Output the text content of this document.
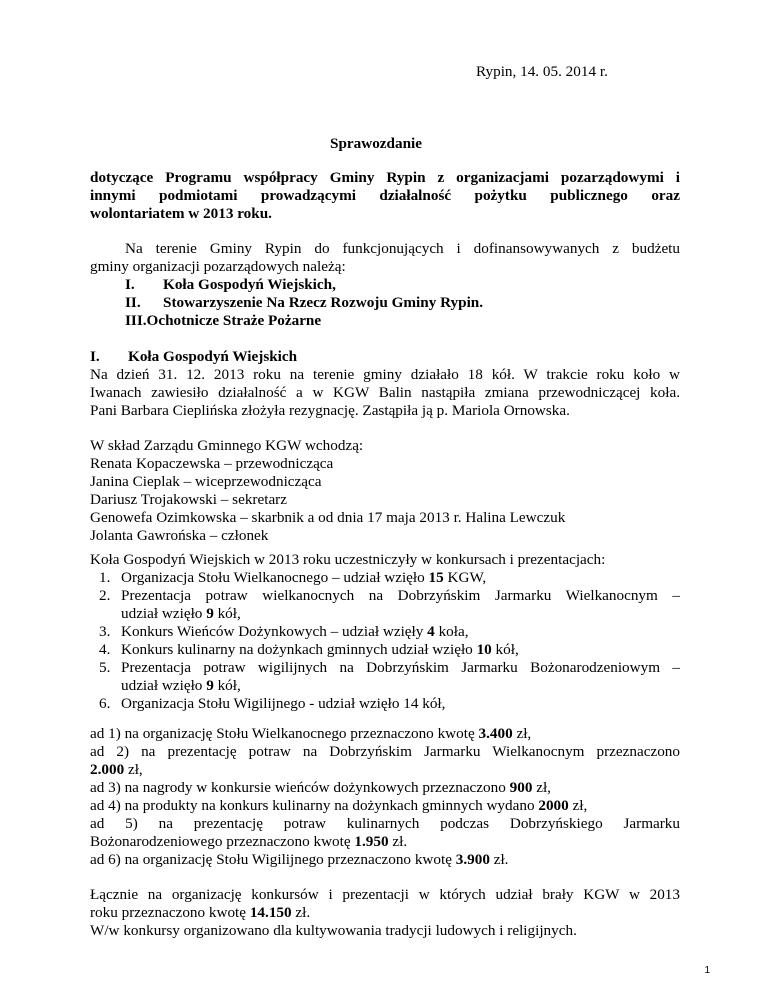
Rypin, 14. 05. 2014 r.
Sprawozdanie
dotyczące Programu współpracy Gminy Rypin z organizacjami pozarządowymi i
innymi podmiotami prowadzącymi działalność pożytku publicznego oraz
wolontariatem w 2013 roku.
Na terenie Gminy Rypin do funkcjonujących i dofinansowywanych z budżetu
gminy organizacji pozarządowych należą:
I. Koła Gospodyń Wiejskich,
II. Stowarzyszenie Na Rzecz Rozwoju Gminy Rypin.
III.Ochotnicze Straże Pożarne
I. Koła Gospodyń Wiejskich
Na dzień 31. 12. 2013 roku na terenie gminy działało 18 kół. W trakcie roku koło w
Iwanach zawiesiło działalność a w KGW Balin nastąpiła zmiana przewodniczącej koła.
Pani Barbara Cieplińska złożyła rezygnację. Zastąpiła ją p. Mariola Ornowska.
W skład Zarządu Gminnego KGW wchodzą:
Renata Kopaczewska – przewodnicząca
Janina Cieplak – wiceprzewodnicząca
Dariusz Trojakowski – sekretarz
Genowefa Ozimkowska – skarbnik a od dnia 17 maja 2013 r. Halina Lewczuk
Jolanta Gawrońska – członek
Koła Gospodyń Wiejskich w 2013 roku uczestniczyły w konkursach i prezentacjach:
1. Organizacja Stołu Wielkanocnego – udział wzięło 15 KGW,
2. Prezentacja potraw wielkanocnych na Dobrzyńskim Jarmarku Wielkanocnym –
udział wzięło 9 kół,
3. Konkurs Wieńców Dożynkowych – udział wzięły 4 koła,
4. Konkurs kulinarny na dożynkach gminnych udział wzięło 10 kół,
5. Prezentacja potraw wigilijnych na Dobrzyńskim Jarmarku Bożonarodzeniowym –
udział wzięło 9 kół,
6. Organizacja Stołu Wigilijnego - udział wzięło 14 kół,
ad 1) na organizację Stołu Wielkanocnego przeznaczono kwotę 3.400 zł,
ad 2) na prezentację potraw na Dobrzyńskim Jarmarku Wielkanocnym przeznaczono
2.000 zł,
ad 3) na nagrody w konkursie wieńców dożynkowych przeznaczono 900 zł,
ad 4) na produkty na konkurs kulinarny na dożynkach gminnych wydano 2000 zł,
ad 5) na prezentację potraw kulinarnych podczas Dobrzyńskiego Jarmarku
Bożonarodzeniowego przeznaczono kwotę 1.950 zł.
ad 6) na organizację Stołu Wigilijnego przeznaczono kwotę 3.900 zł.
Łącznie na organizację konkursów i prezentacji w których udział brały KGW w 2013
roku przeznaczono kwotę 14.150 zł.
W/w konkursy organizowano dla kultywowania tradycji ludowych i religijnych.
1
